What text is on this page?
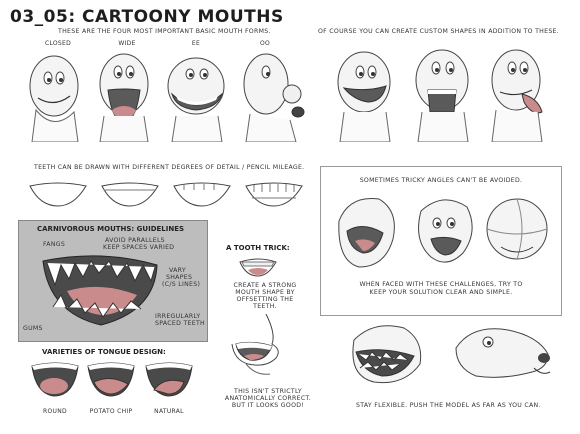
03_05: CARTOONY MOUTHS
THESE ARE THE FOUR MOST IMPORTANT BASIC MOUTH FORMS.	OF COURSE YOU CAN CREATE CUSTOM SHAPES IN ADDITION TO THESE.
CLOSED	WIDE	EE	OO
TEETH CAN BE DRAWN WITH DIFFERENT DEGREES OF DETAIL / PENCIL MILEAGE.
CARNIVOROUS MOUTHS: GUIDELINES
FANGS
AVOID PARALLELS
KEEP SPACES VARIED
VARY
SHAPES
(C/S LINES)
GUMS
IRREGULARLY
SPACED TEETH
A TOOTH TRICK:
CREATE A STRONG
MOUTH SHAPE BY
OFFSETTING THE
TEETH.
THIS ISN'T STRICTLY
ANATOMICALLY CORRECT.
BUT IT LOOKS GOOD!
VARIETIES OF TONGUE DESIGN:
ROUND	POTATO CHIP	NATURAL
SOMETIMES TRICKY ANGLES CAN'T BE AVOIDED.
WHEN FACED WITH THESE CHALLENGES, TRY TO
KEEP YOUR SOLUTION CLEAR AND SIMPLE.
STAY FLEXIBLE. PUSH THE MODEL AS FAR AS YOU CAN.
